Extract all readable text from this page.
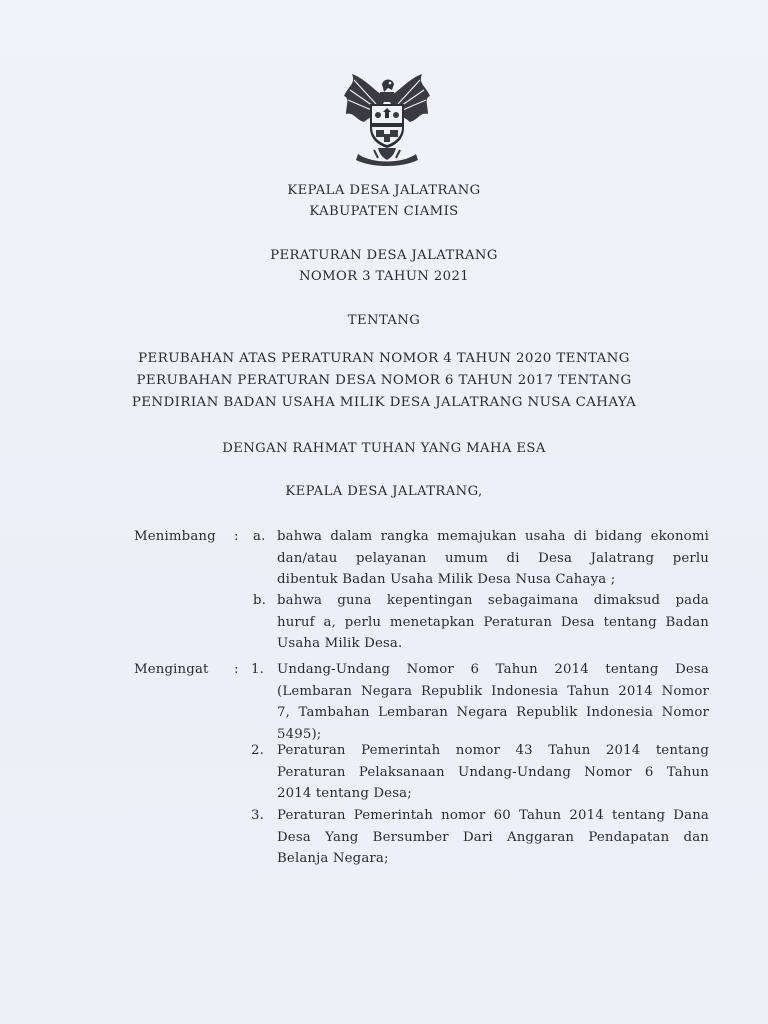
KEPALA DESA JALATRANG
KABUPATEN CIAMIS
PERATURAN DESA JALATRANG
NOMOR 3 TAHUN 2021
TENTANG
PERUBAHAN ATAS PERATURAN NOMOR 4 TAHUN 2020 TENTANG
PERUBAHAN PERATURAN DESA NOMOR 6 TAHUN 2017 TENTANG
PENDIRIAN BADAN USAHA MILIK DESA JALATRANG NUSA CAHAYA
DENGAN RAHMAT TUHAN YANG MAHA ESA
KEPALA DESA JALATRANG,
Menimbang : a. bahwa dalam rangka memajukan usaha di bidang ekonomi
dan/atau pelayanan umum di Desa Jalatrang perlu
dibentuk Badan Usaha Milik Desa Nusa Cahaya ;
b. bahwa guna kepentingan sebagaimana dimaksud pada
huruf a, perlu menetapkan Peraturan Desa tentang Badan
Usaha Milik Desa.
Mengingat : 1. Undang-Undang Nomor 6 Tahun 2014 tentang Desa
(Lembaran Negara Republik Indonesia Tahun 2014 Nomor
7, Tambahan Lembaran Negara Republik Indonesia Nomor
5495);
2. Peraturan Pemerintah nomor 43 Tahun 2014 tentang
Peraturan Pelaksanaan Undang-Undang Nomor 6 Tahun
2014 tentang Desa;
3. Peraturan Pemerintah nomor 60 Tahun 2014 tentang Dana
Desa Yang Bersumber Dari Anggaran Pendapatan dan
Belanja Negara;
